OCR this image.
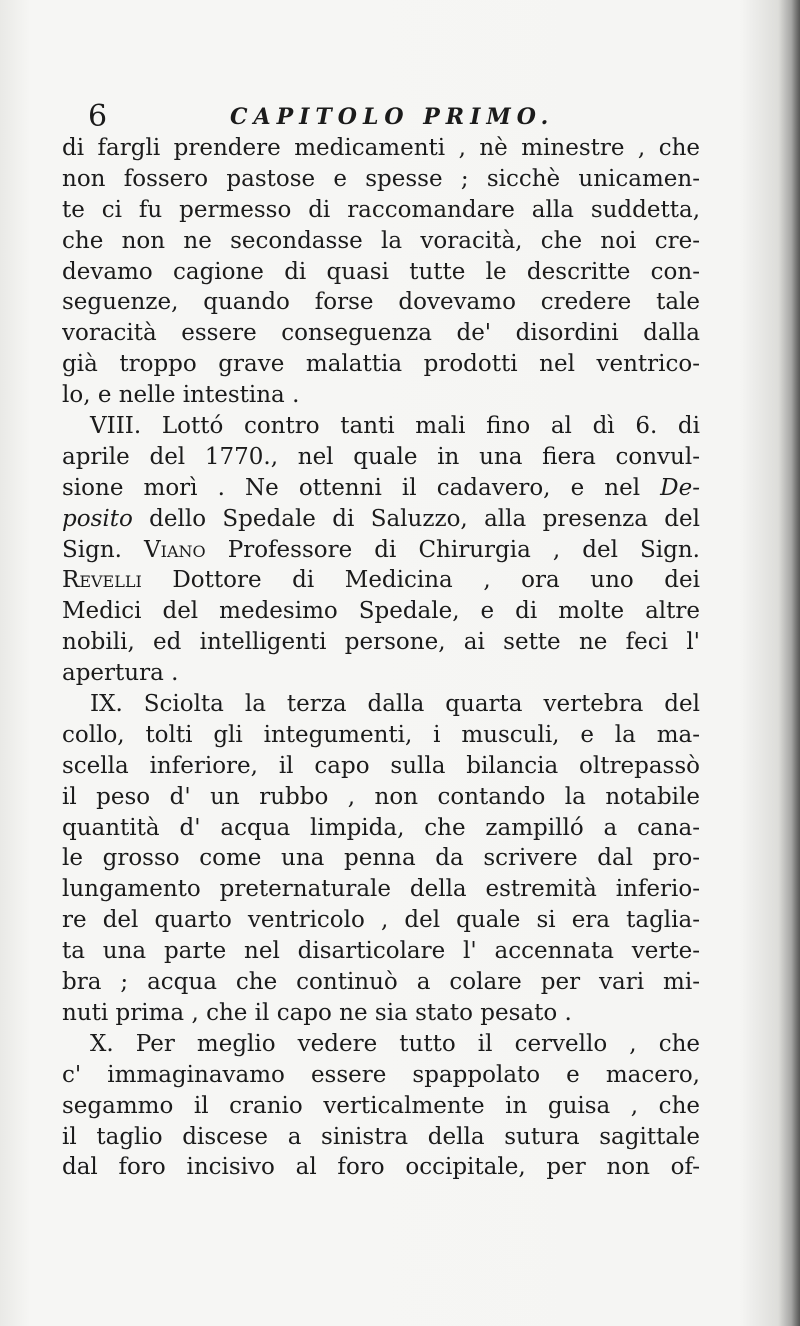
6	CAPITOLO PRIMO.
di fargli prendere medicamenti , nè minestre , che
non fossero pastose e spesse ; sicchè unicamen-
te ci fu permesso di raccomandare alla suddetta,
che non ne secondasse la voracità, che noi cre-
devamo cagione di quasi tutte le descritte con-
seguenze, quando forse dovevamo credere tale
voracità essere conseguenza de' disordini dalla
già troppo grave malattia prodotti nel ventrico-
lo, e nelle intestina .
VIII. Lottó contro tanti mali fino al dì 6. di
aprile del 1770., nel quale in una fiera convul-
sione morì . Ne ottenni il cadavero, e nel De-
posito dello Spedale di Saluzzo, alla presenza del
Sign. Viano Professore di Chirurgia , del Sign.
Revelli Dottore di Medicina , ora uno dei
Medici del medesimo Spedale, e di molte altre
nobili, ed intelligenti persone, ai sette ne feci l'
apertura .
IX. Sciolta la terza dalla quarta vertebra del
collo, tolti gli integumenti, i musculi, e la ma-
scella inferiore, il capo sulla bilancia oltrepassò
il peso d' un rubbo , non contando la notabile
quantità d' acqua limpida, che zampilló a cana-
le grosso come una penna da scrivere dal pro-
lungamento preternaturale della estremità inferio-
re del quarto ventricolo , del quale si era taglia-
ta una parte nel disarticolare l' accennata verte-
bra ; acqua che continuò a colare per vari mi-
nuti prima , che il capo ne sia stato pesato .
X. Per meglio vedere tutto il cervello , che
c' immaginavamo essere spappolato e macero,
segammo il cranio verticalmente in guisa , che
il taglio discese a sinistra della sutura sagittale
dal foro incisivo al foro occipitale, per non of-
